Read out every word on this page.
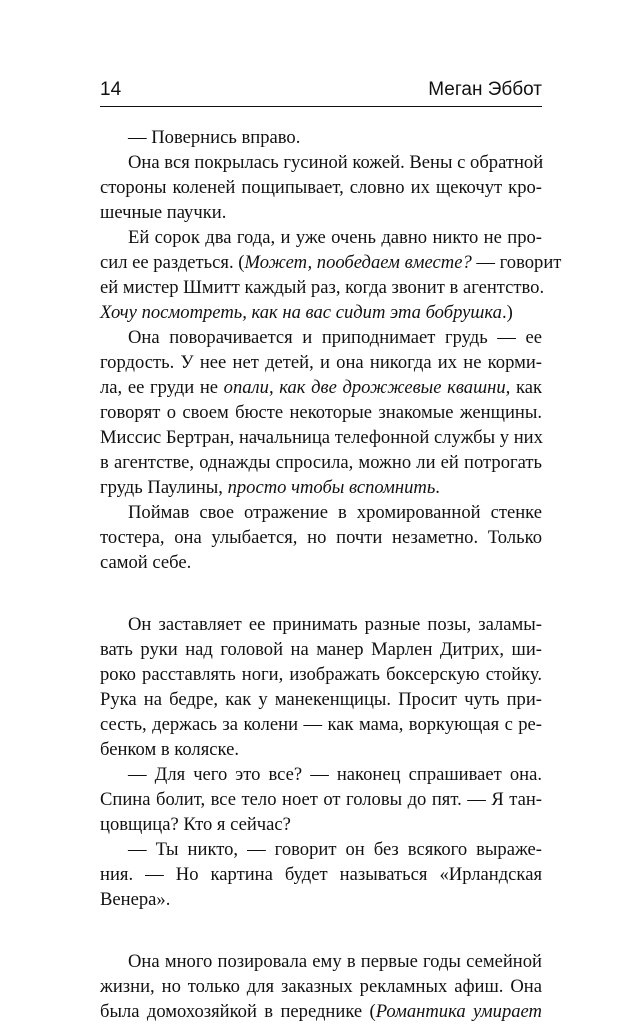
14	Меган Эббот
— Повернись вправо.
Она вся покрылась гусиной кожей. Вены с обратной
стороны коленей пощипывает, словно их щекочут кро-
шечные паучки.
Ей сорок два года, и уже очень давно никто не про-
сил ее раздеться. (Может, пообедаем вместе? — говорит
ей мистер Шмитт каждый раз, когда звонит в агентство.
Хочу посмотреть, как на вас сидит эта бобрушка.)
Она поворачивается и приподнимает грудь — ее
гордость. У нее нет детей, и она никогда их не корми-
ла, ее груди не опали, как две дрожжевые квашни, как
говорят о своем бюсте некоторые знакомые женщины.
Миссис Бертран, начальница телефонной службы у них
в агентстве, однажды спросила, можно ли ей потрогать
грудь Паулины, просто чтобы вспомнить.
Поймав свое отражение в хромированной стенке
тостера, она улыбается, но почти незаметно. Только
самой себе.
Он заставляет ее принимать разные позы, заламы-
вать руки над головой на манер Марлен Дитрих, ши-
роко расставлять ноги, изображать боксерскую стойку.
Рука на бедре, как у манекенщицы. Просит чуть при-
сесть, держась за колени — как мама, воркующая с ре-
бенком в коляске.
— Для чего это все? — наконец спрашивает она.
Спина болит, все тело ноет от головы до пят. — Я тан-
цовщица? Кто я сейчас?
— Ты никто, — говорит он без всякого выраже-
ния. — Но картина будет называться «Ирландская
Венера».
Она много позировала ему в первые годы семейной
жизни, но только для заказных рекламных афиш. Она
была домохозяйкой в переднике (Романтика умирает
